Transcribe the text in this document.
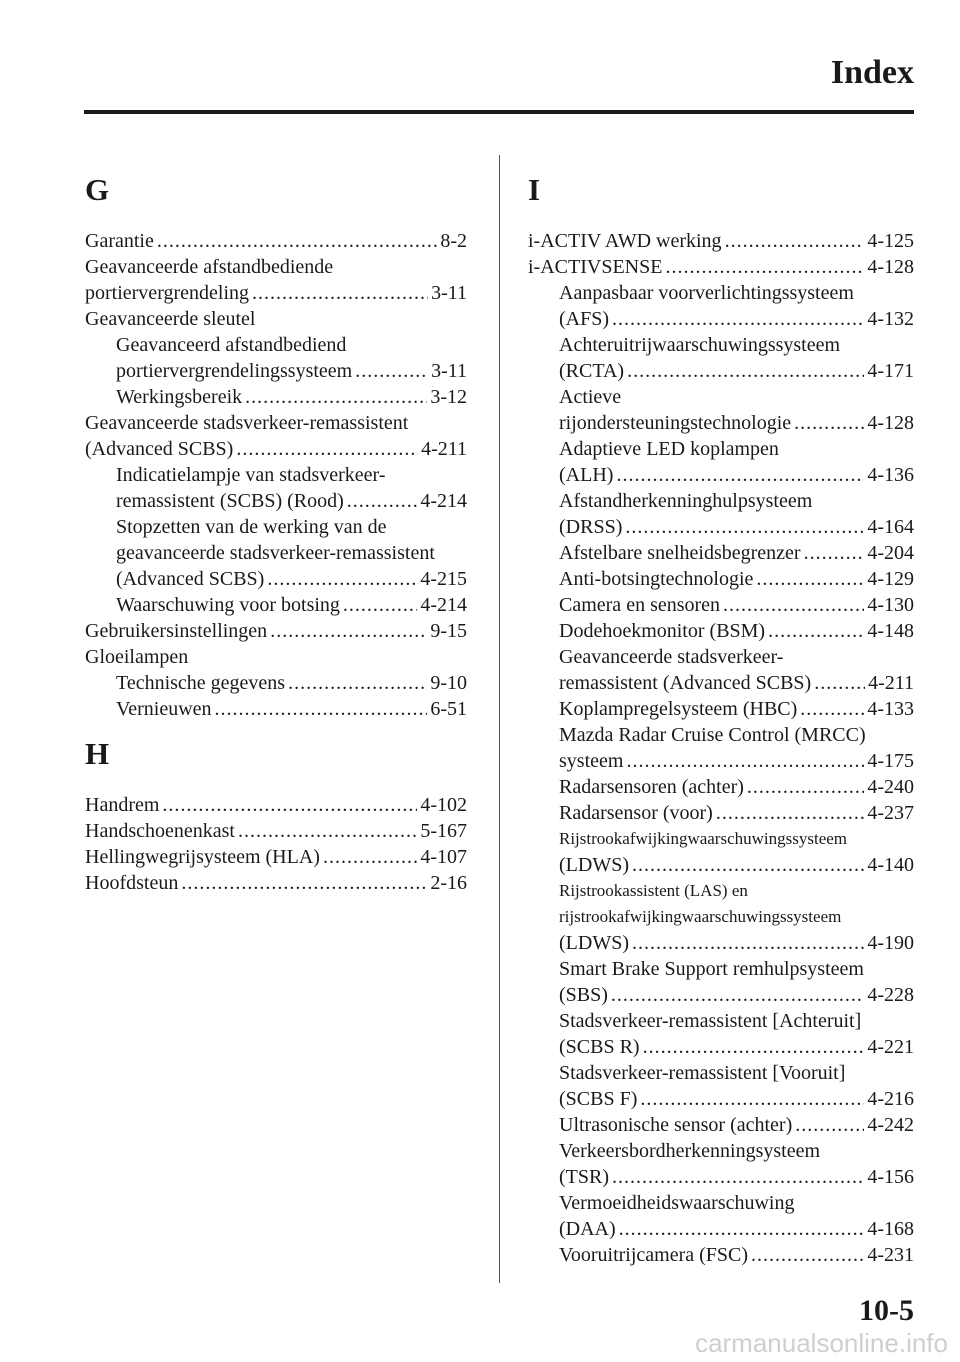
Index
G
Garantie .....	8-2
Geavanceerde afstandbediende
portiervergrendeling .....	3-11
Geavanceerde sleutel
Geavanceerd afstandbediend
portiervergrendelingssysteem .....	3-11
Werkingsbereik .....	3-12
Geavanceerde stadsverkeer-remassistent
(Advanced SCBS) .....	4-211
Indicatielampje van stadsverkeer-
remassistent (SCBS) (Rood) .....	4-214
Stopzetten van de werking van de
geavanceerde stadsverkeer-remassistent
(Advanced SCBS) .....	4-215
Waarschuwing voor botsing .....	4-214
Gebruikersinstellingen .....	9-15
Gloeilampen
Technische gegevens .....	9-10
Vernieuwen .....	6-51
H
Handrem .....	4-102
Handschoenenkast .....	5-167
Hellingwegrijsysteem (HLA) .....	4-107
Hoofdsteun .....	2-16
I
i-ACTIV AWD werking .....	4-125
i-ACTIVSENSE .....	4-128
Aanpasbaar voorverlichtingssysteem
(AFS) .....	4-132
Achteruitrijwaarschuwingssysteem
(RCTA) .....	4-171
Actieve
rijondersteuningstechnologie .....	4-128
Adaptieve LED koplampen
(ALH) .....	4-136
Afstandherkenninghulpsysteem
(DRSS) .....	4-164
Afstelbare snelheidsbegrenzer .....	4-204
Anti-botsingtechnologie .....	4-129
Camera en sensoren .....	4-130
Dodehoekmonitor (BSM) .....	4-148
Geavanceerde stadsverkeer-
remassistent (Advanced SCBS) .....	4-211
Koplampregelsysteem (HBC) .....	4-133
Mazda Radar Cruise Control (MRCC)
systeem .....	4-175
Radarsensoren (achter) .....	4-240
Radarsensor (voor) .....	4-237
Rijstrookafwijkingwaarschuwingssysteem
(LDWS) .....	4-140
Rijstrookassistent (LAS) en
rijstrookafwijkingwaarschuwingssysteem
(LDWS) .....	4-190
Smart Brake Support remhulpsysteem
(SBS) .....	4-228
Stadsverkeer-remassistent [Achteruit]
(SCBS R) .....	4-221
Stadsverkeer-remassistent [Vooruit]
(SCBS F) .....	4-216
Ultrasonische sensor (achter) .....	4-242
Verkeersbordherkenningsysteem
(TSR) .....	4-156
Vermoeidheidswaarschuwing
(DAA) .....	4-168
Vooruitrijcamera (FSC) .....	4-231
10-5
carmanualsonline.info
